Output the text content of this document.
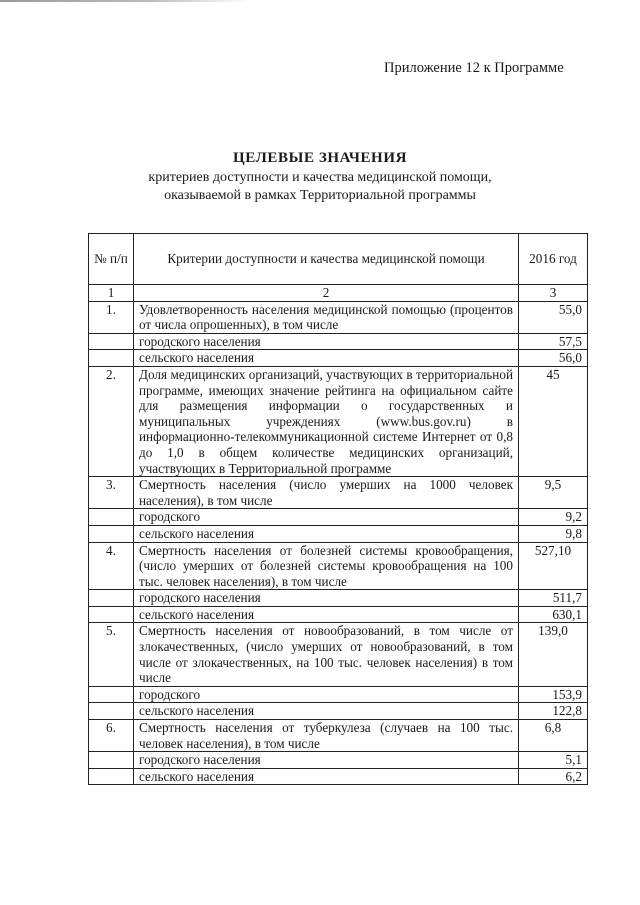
Приложение 12 к Программе
ЦЕЛЕВЫЕ ЗНАЧЕНИЯ
критериев доступности и качества медицинской помощи,
оказываемой в рамках Территориальной программы
№ п/п	Критерии доступности и качества медицинской помощи	2016 год
1	2	3
1.	Удовлетворенность населения медицинской помощью (процентов от числа опрошенных), в том числе	55,0
	городского населения	57,5
	сельского населения	56,0
2.	Доля медицинских организаций, участвующих в территориальной программе, имеющих значение рейтинга на официальном сайте для размещения информации о государственных и муниципальных учреждениях (www.bus.gov.ru) в информационно-телекоммуникационной системе Интернет от 0,8 до 1,0 в общем количестве медицинских организаций, участвующих в Территориальной программе	45
3.	Смертность населения (число умерших на 1000 человек населения), в том числе	9,5
	городского	9,2
	сельского населения	9,8
4.	Смертность населения от болезней системы кровообращения, (число умерших от болезней системы кровообращения на 100 тыс. человек населения), в том числе	527,10
	городского населения	511,7
	сельского населения	630,1
5.	Смертность населения от новообразований, в том числе от злокачественных, (число умерших от новообразований, в том числе от злокачественных, на 100 тыс. человек населения) в том числе	139,0
	городского	153,9
	сельского населения	122,8
6.	Смертность населения от туберкулеза (случаев на 100 тыс. человек населения), в том числе	6,8
	городского населения	5,1
	сельского населения	6,2
